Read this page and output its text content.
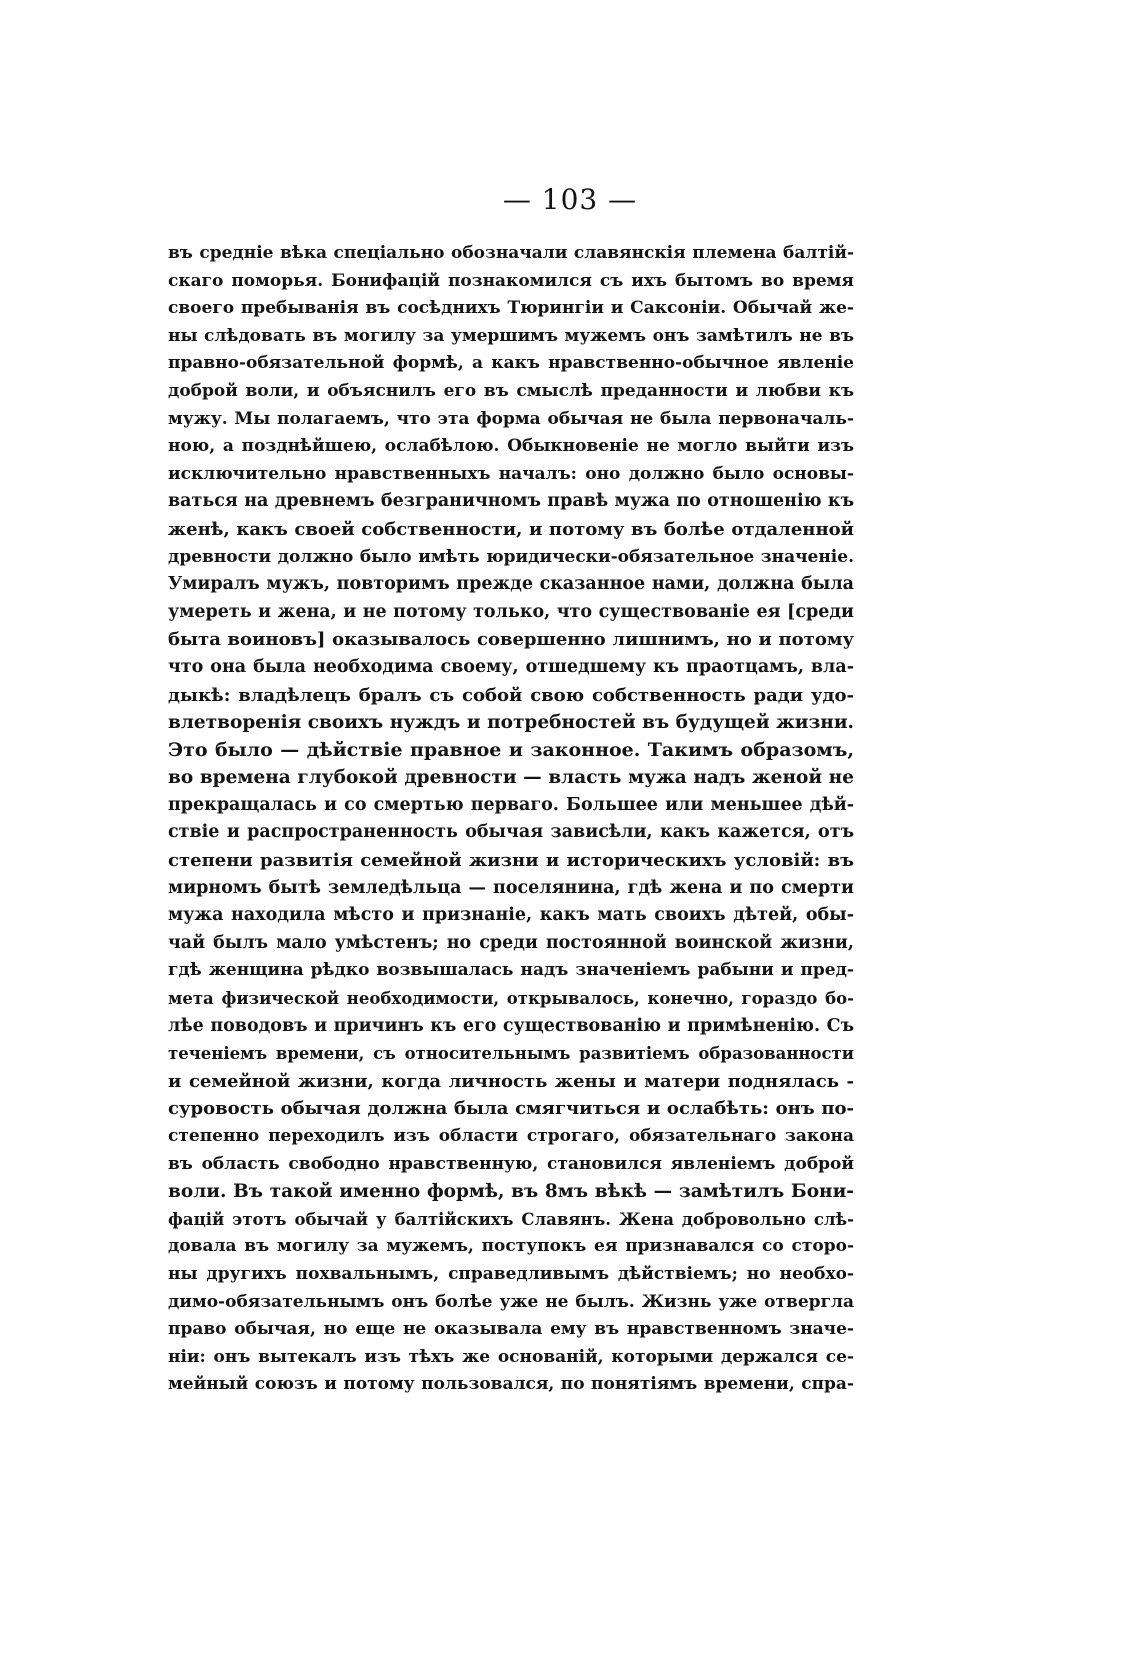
— 103 —
въ средніе вѣка спеціально обозначали славянскія племена балтій-
скаго поморья. Бонифацій познакомился съ ихъ бытомъ во время
своего пребыванія въ сосѣднихъ Тюрингіи и Саксоніи. Обычай же-
ны слѣдовать въ могилу за умершимъ мужемъ онъ замѣтилъ не въ
правно-обязательной формѣ, а какъ нравственно-обычное явленіе
доброй воли, и объяснилъ его въ смыслѣ преданности и любви къ
мужу. Мы полагаемъ, что эта форма обычая не была первоначаль-
ною, а позднѣйшею, ослабѣлою. Обыкновеніе не могло выйти изъ
исключительно нравственныхъ началъ: оно должно было основы-
ваться на древнемъ безграничномъ правѣ мужа по отношенію къ
женѣ, какъ своей собственности, и потому въ болѣе отдаленной
древности должно было имѣть юридически-обязательное значеніе.
Умиралъ мужъ, повторимъ прежде сказанное нами, должна была
умереть и жена, и не потому только, что существованіе ея [среди
быта воиновъ] оказывалось совершенно лишнимъ, но и потому
что она была необходима своему, отшедшему къ праотцамъ, вла-
дыкѣ: владѣлецъ бралъ съ собой свою собственность ради удо-
влетворенія своихъ нуждъ и потребностей въ будущей жизни.
Это было — дѣйствіе правное и законное. Такимъ образомъ,
во времена глубокой древности — власть мужа надъ женой не
прекращалась и со смертью перваго. Большее или меньшее дѣй-
ствіе и распространенность обычая зависѣли, какъ кажется, отъ
степени развитія семейной жизни и историческихъ условій: въ
мирномъ бытѣ земледѣльца — поселянина, гдѣ жена и по смерти
мужа находила мѣсто и признаніе, какъ мать своихъ дѣтей, обы-
чай былъ мало умѣстенъ; но среди постоянной воинской жизни,
гдѣ женщина рѣдко возвышалась надъ значеніемъ рабыни и пред-
мета физической необходимости, открывалось, конечно, гораздо бо-
лѣе поводовъ и причинъ къ его существованію и примѣненію. Съ
теченіемъ времени, съ относительнымъ развитіемъ образованности
и семейной жизни, когда личность жены и матери поднялась -
суровость обычая должна была смягчиться и ослабѣть: онъ по-
степенно переходилъ изъ области строгаго, обязательнаго закона
въ область свободно нравственную, становился явленіемъ доброй
воли. Въ такой именно формѣ, въ 8мъ вѣкѣ — замѣтилъ Бони-
фацій этотъ обычай у балтійскихъ Славянъ. Жена добровольно слѣ-
довала въ могилу за мужемъ, поступокъ ея признавался со сторо-
ны другихъ похвальнымъ, справедливымъ дѣйствіемъ; но необхо-
димо-обязательнымъ онъ болѣе уже не былъ. Жизнь уже отвергла
право обычая, но еще не оказывала ему въ нравственномъ значе-
ніи: онъ вытекалъ изъ тѣхъ же основаній, которыми держался се-
мейный союзъ и потому пользовался, по понятіямъ времени, спра-
